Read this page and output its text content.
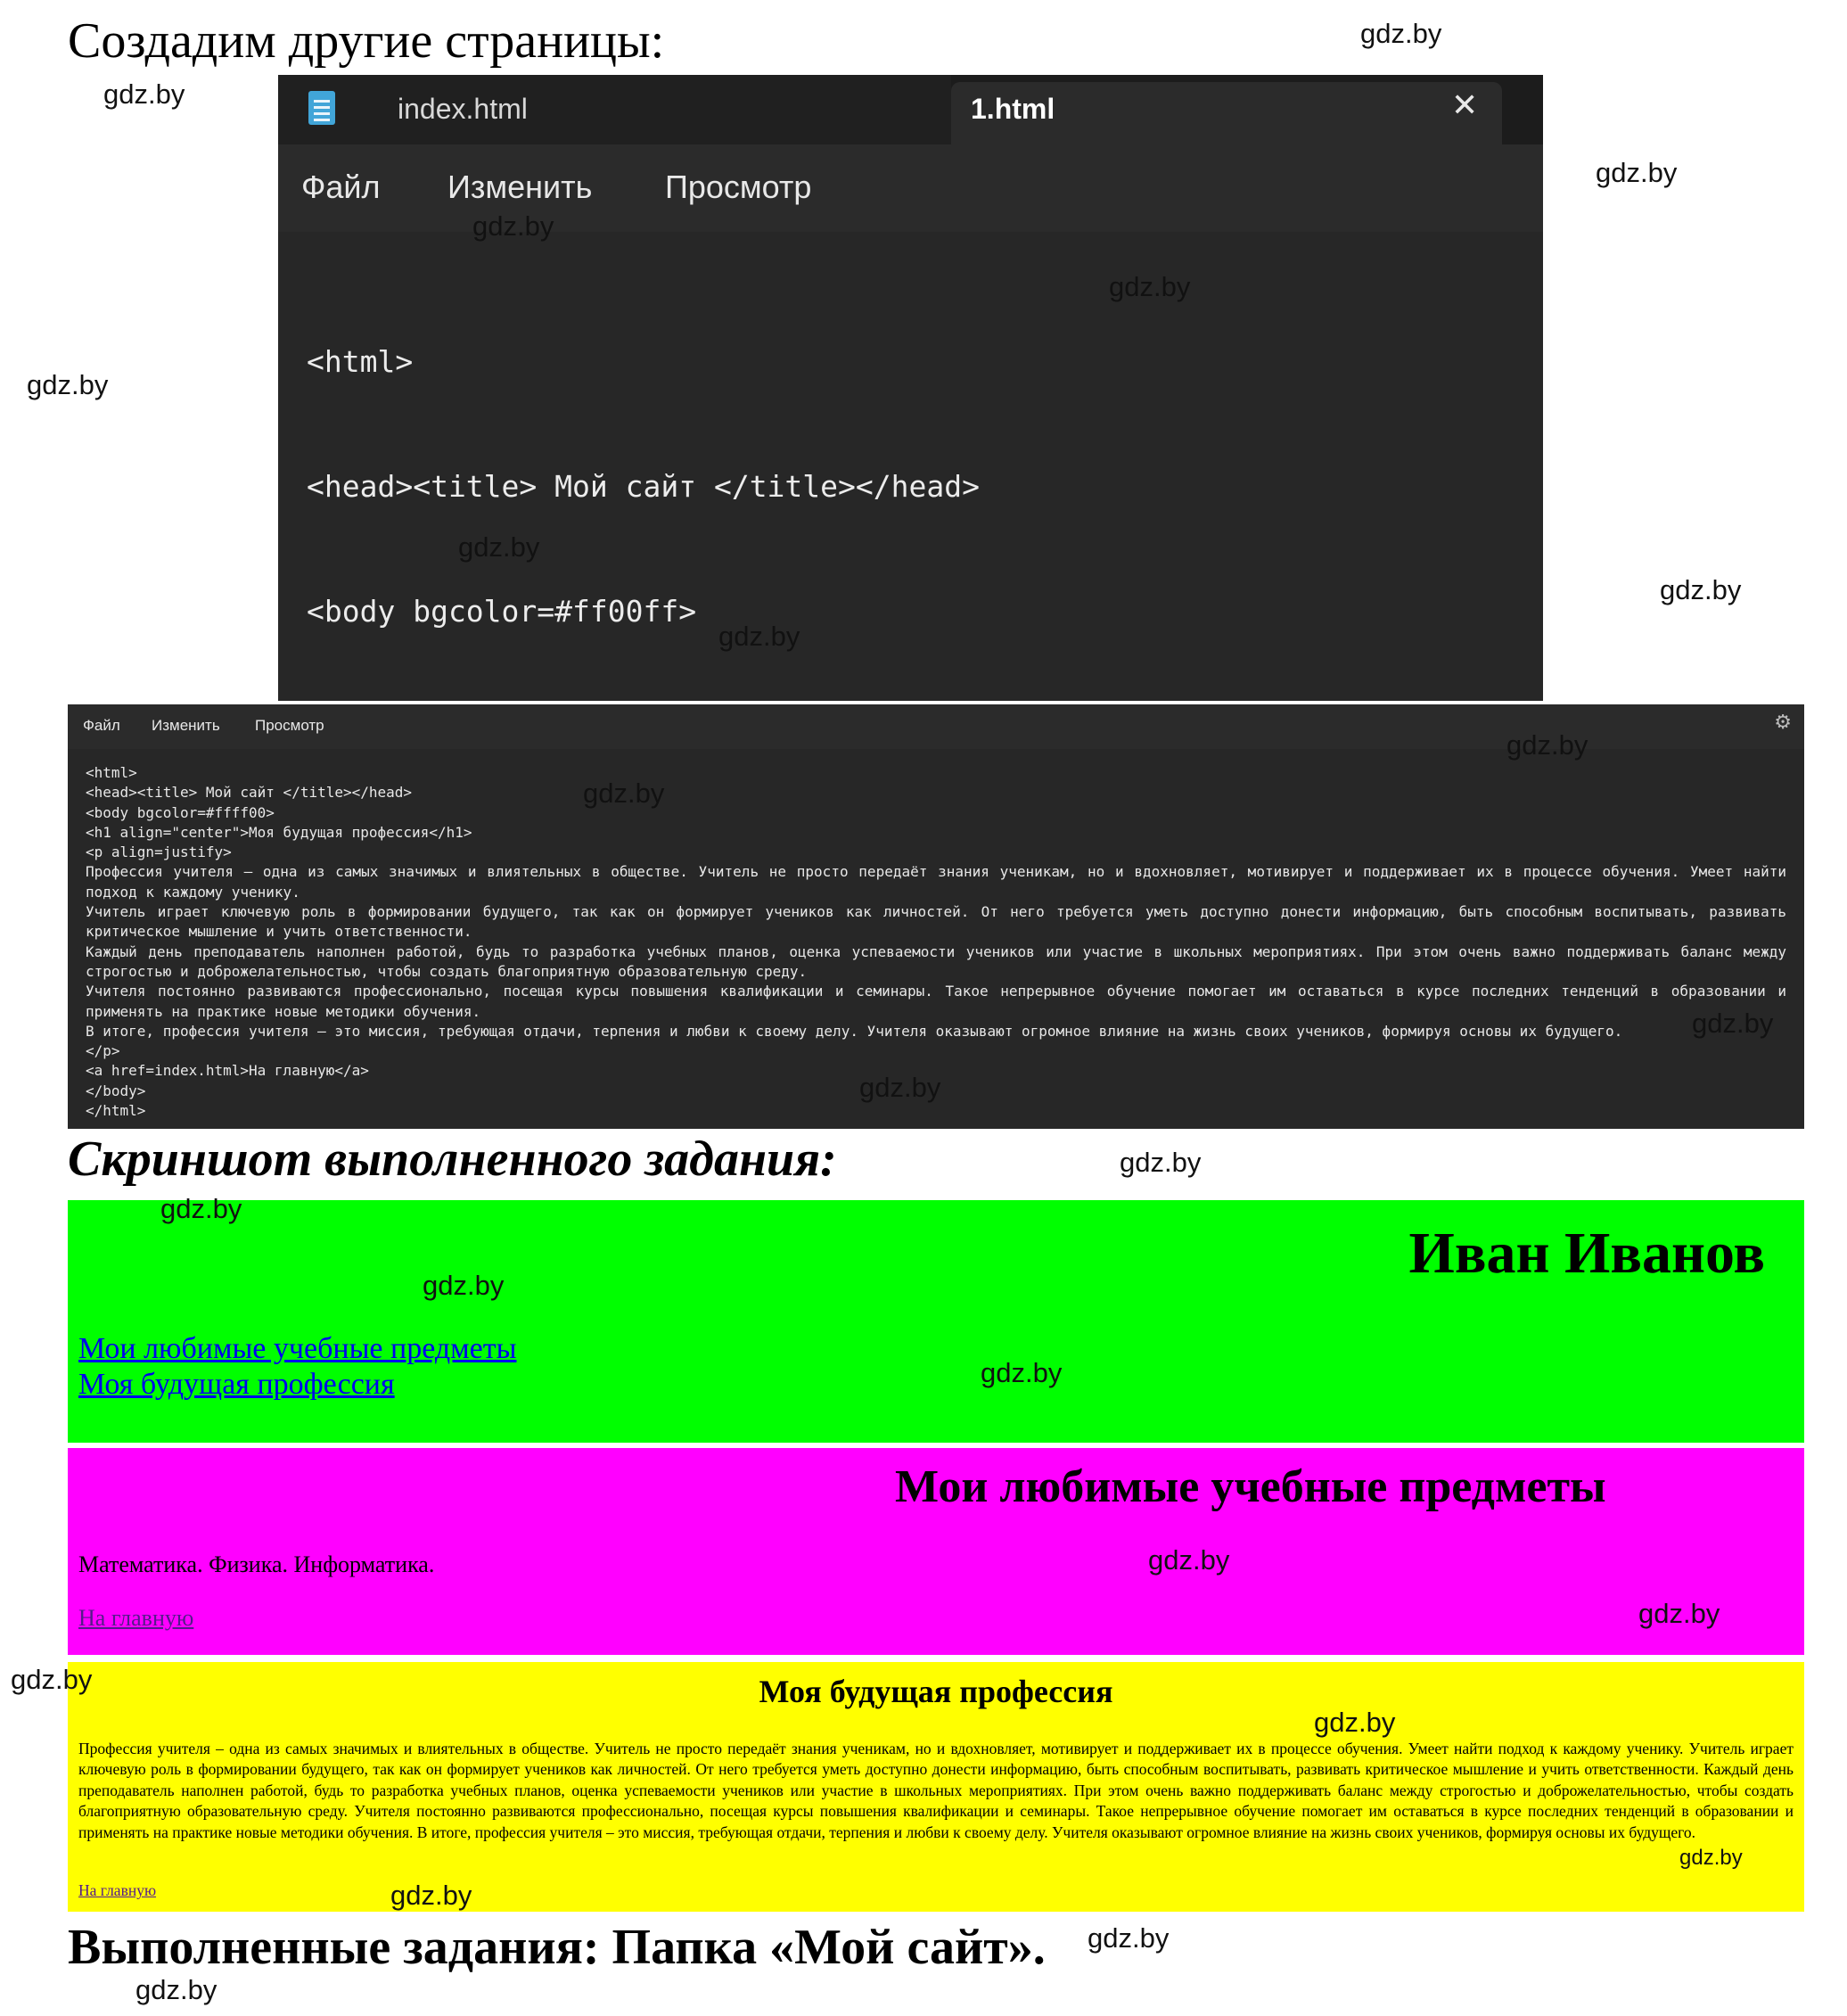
Создадим другие страницы:
Скриншот выполненного задания:
Выполненные задания: Папка «Мой сайт».
index.html	1.html	✕
Файл Изменить Просмотр

<html>

<head><title> Мой сайт </title></head>

<body bgcolor=#ff00ff>

Файл Изменить Просмотр	⚙
<html>
<head><title> Мой сайт </title></head>
<body bgcolor=#ffff00>
<h1 align="center">Моя будущая профессия</h1>
<p align=justify>
Профессия учителя – одна из самых значимых и влиятельных в обществе. Учитель не просто передаёт знания ученикам, но и вдохновляет, мотивирует и поддерживает их в процессе обучения. Умеет найти подход к каждому ученику.
Учитель играет ключевую роль в формировании будущего, так как он формирует учеников как личностей. От него требуется уметь доступно донести информацию, быть способным воспитывать, развивать критическое мышление и учить ответственности.
Каждый день преподаватель наполнен работой, будь то разработка учебных планов, оценка успеваемости учеников или участие в школьных мероприятиях. При этом очень важно поддерживать баланс между строгостью и доброжелательностью, чтобы создать благоприятную образовательную среду.
Учителя постоянно развиваются профессионально, посещая курсы повышения квалификации и семинары. Такое непрерывное обучение помогает им оставаться в курсе последних тенденций в образовании и применять на практике новые методики обучения.
В итоге, профессия учителя – это миссия, требующая отдачи, терпения и любви к своему делу. Учителя оказывают огромное влияние на жизнь своих учеников, формируя основы их будущего.
</p>
<a href=index.html>На главную</a>
</body>
</html>
Иван Иванов
Мои любимые учебные предметы
Моя будущая профессия
Мои любимые учебные предметы
Математика. Физика. Информатика.
На главную
Моя будущая профессия
Профессия учителя – одна из самых значимых и влиятельных в обществе. Учитель не просто передаёт знания ученикам, но и вдохновляет, мотивирует и поддерживает их в процессе обучения. Умеет найти подход к каждому ученику. Учитель играет ключевую роль в формировании будущего, так как он формирует учеников как личностей. От него требуется уметь доступно донести информацию, быть способным воспитывать, развивать критическое мышление и учить ответственности. Каждый день преподаватель наполнен работой, будь то разработка учебных планов, оценка успеваемости учеников или участие в школьных мероприятиях. При этом очень важно поддерживать баланс между строгостью и доброжелательностью, чтобы создать благоприятную образовательную среду. Учителя постоянно развиваются профессионально, посещая курсы повышения квалификации и семинары. Такое непрерывное обучение помогает им оставаться в курсе последних тенденций в образовании и применять на практике новые методики обучения. В итоге, профессия учителя – это миссия, требующая отдачи, терпения и любви к своему делу. Учителя оказывают огромное влияние на жизнь своих учеников, формируя основы их будущего.
На главную
gdz.by
gdz.by
gdz.by
gdz.by
gdz.by
gdz.by
gdz.by
gdz.by
gdz.by
gdz.by
gdz.by
gdz.by
gdz.by
gdz.by
gdz.by
gdz.by
gdz.by
gdz.by
gdz.by
gdz.by
gdz.by
gdz.by
gdz.by
gdz.by
gdz.by
